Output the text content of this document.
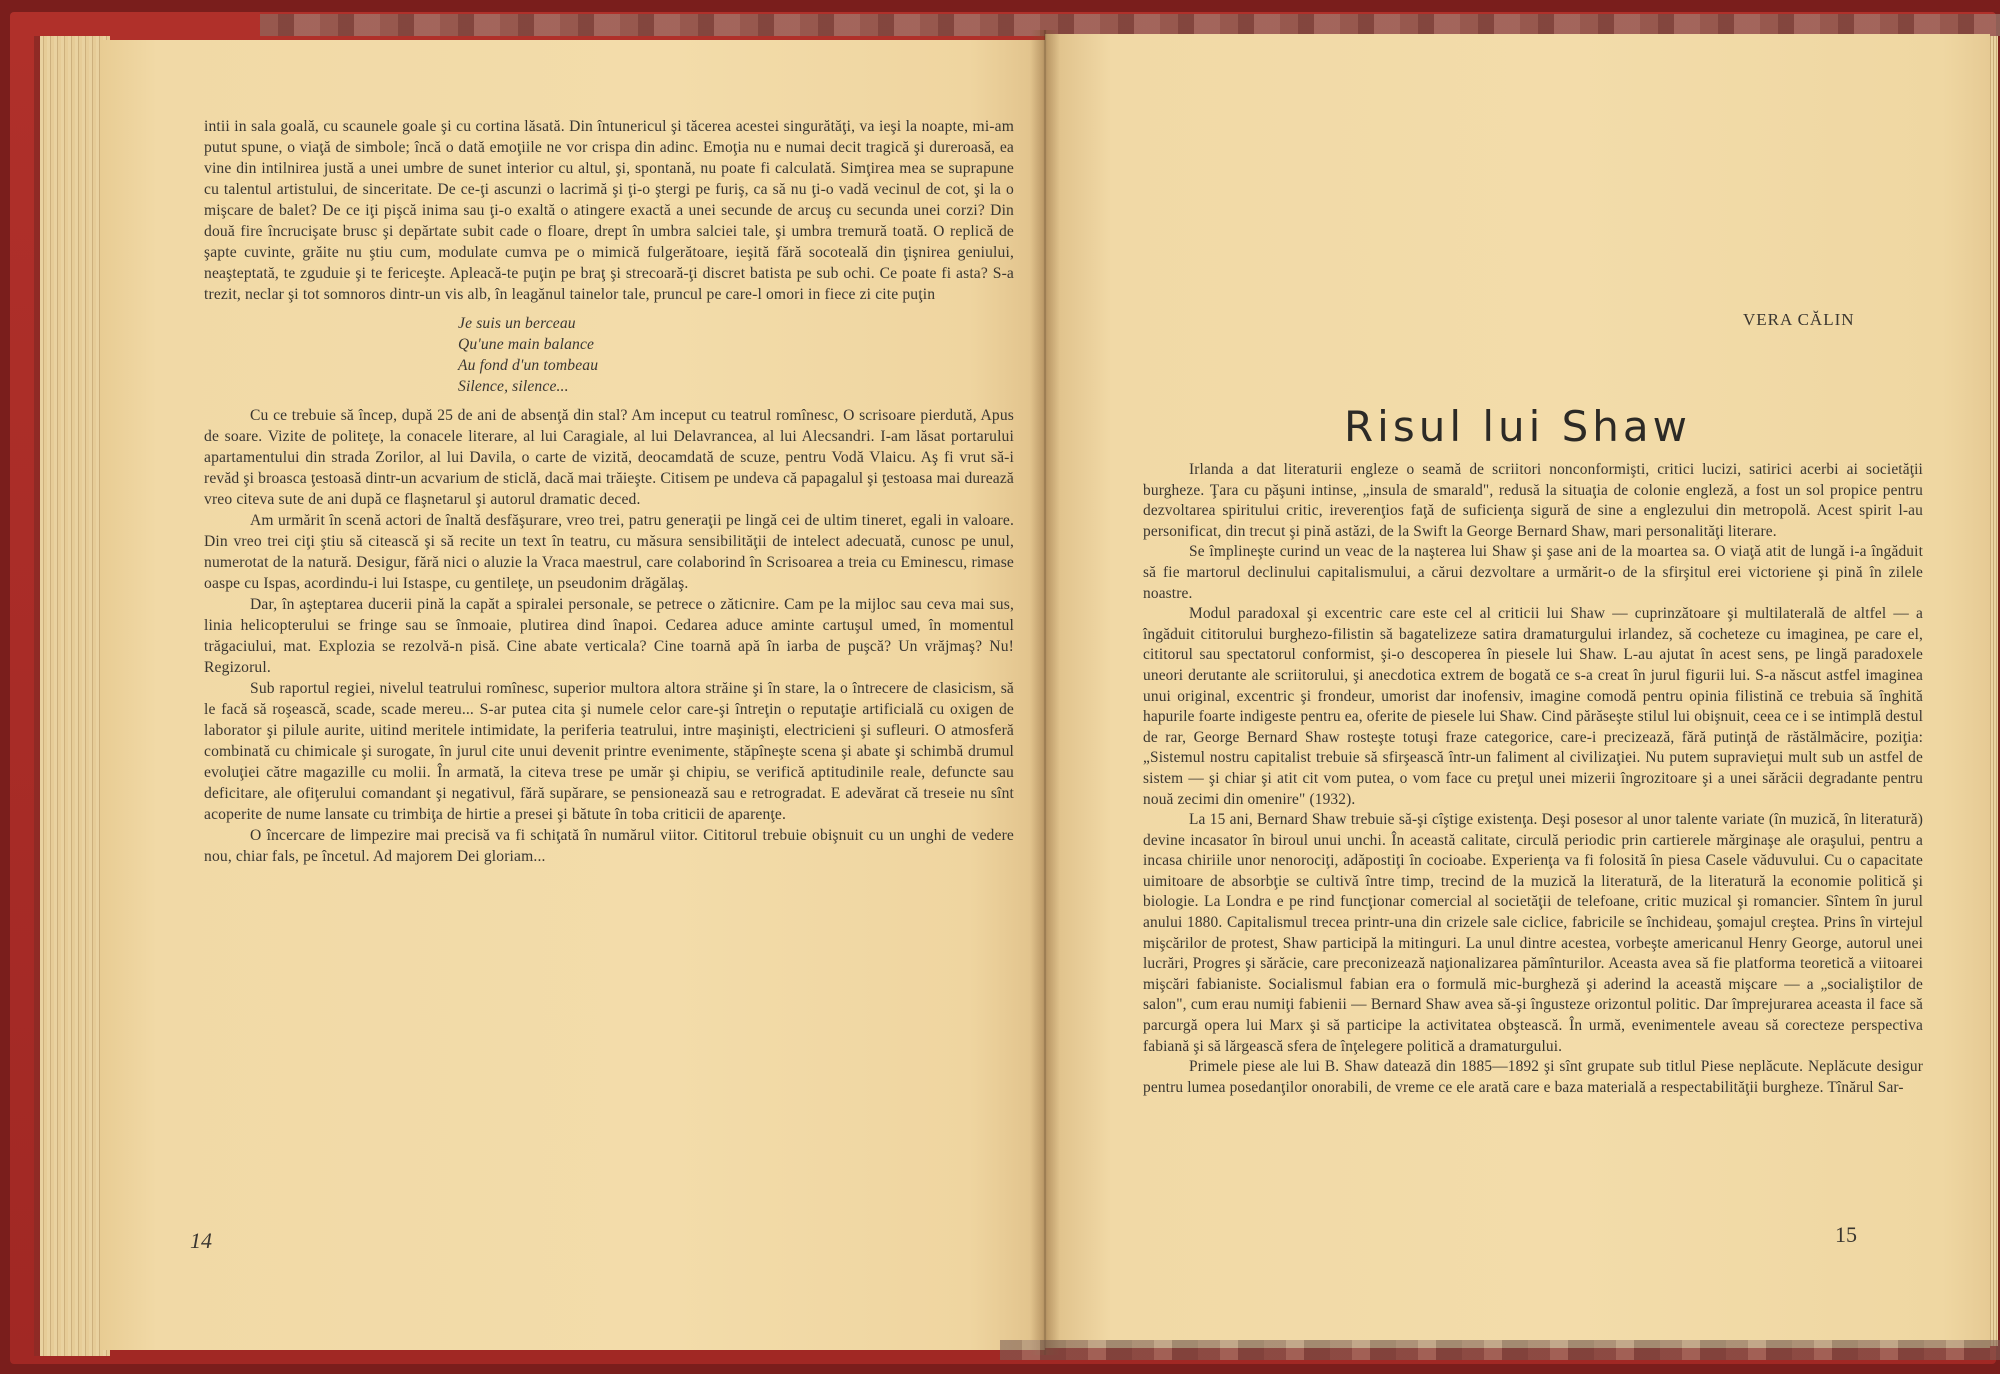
intii in sala goală, cu scaunele goale şi cu cortina lăsată. Din întunericul şi tăcerea acestei singurătăţi, va ieşi la noapte, mi-am putut spune, o viaţă de simbole; încă o dată emoţiile ne vor crispa din adinc. Emoţia nu e numai decit tragică şi dureroasă, ea vine din intilnirea justă a unei umbre de sunet interior cu altul, şi, spontană, nu poate fi calculată. Simţirea mea se suprapune cu talentul artistului, de sinceritate. De ce-ţi ascunzi o lacrimă şi ţi-o ştergi pe furiş, ca să nu ţi-o vadă vecinul de cot, şi la o mişcare de balet? De ce iţi pişcă inima sau ţi-o exaltă o atingere exactă a unei secunde de arcuş cu secunda unei corzi? Din două fire încrucişate brusc şi depărtate subit cade o floare, drept în umbra salciei tale, şi umbra tremură toată. O replică de şapte cuvinte, grăite nu ştiu cum, modulate cumva pe o mimică fulgerătoare, ieşită fără socoteală din ţişnirea geniului, neaşteptată, te zguduie şi te fericeşte. Apleacă-te puţin pe braţ şi strecoară-ţi discret batista pe sub ochi. Ce poate fi asta? S-a trezit, neclar şi tot somnoros dintr-un vis alb, în leagănul tainelor tale, pruncul pe care-l omori in fiece zi cite puţin

Je suis un berceau
Qu'une main balance
Au fond d'un tombeau
Silence, silence...

Cu ce trebuie să încep, după 25 de ani de absenţă din stal? Am inceput cu teatrul romînesc, O scrisoare pierdută, Apus de soare. Vizite de politeţe, la conacele literare, al lui Caragiale, al lui Delavrancea, al lui Alecsandri. I-am lăsat portarului apartamentului din strada Zorilor, al lui Davila, o carte de vizită, deocamdată de scuze, pentru Vodă Vlaicu. Aş fi vrut să-i revăd şi broasca ţestoasă dintr-un acvarium de sticlă, dacă mai trăieşte. Citisem pe undeva că papagalul şi ţestoasa mai durează vreo citeva sute de ani după ce flaşnetarul şi autorul dramatic deced.

Am urmărit în scenă actori de înaltă desfăşurare, vreo trei, patru generaţii pe lingă cei de ultim tineret, egali in valoare. Din vreo trei ciţi ştiu să citească şi să recite un text în teatru, cu măsura sensibilităţii de intelect adecuată, cunosc pe unul, numerotat de la natură. Desigur, fără nici o aluzie la Vraca maestrul, care colaborind în Scrisoarea a treia cu Eminescu, rimase oaspe cu Ispas, acordindu-i lui Istaspe, cu gentileţe, un pseudonim drăgălaş.

Dar, în aşteptarea ducerii pină la capăt a spiralei personale, se petrece o zăticnire. Cam pe la mijloc sau ceva mai sus, linia helicopterului se fringe sau se înmoaie, plutirea dind înapoi. Cedarea aduce aminte cartuşul umed, în momentul trăgaciului, mat. Explozia se rezolvă-n pisă. Cine abate verticala? Cine toarnă apă în iarba de puşcă? Un vrăjmaş? Nu! Regizorul.

Sub raportul regiei, nivelul teatrului romînesc, superior multora altora străine şi în stare, la o întrecere de clasicism, să le facă să roşească, scade, scade mereu... S-ar putea cita şi numele celor care-şi întreţin o reputaţie artificială cu oxigen de laborator şi pilule aurite, uitind meritele intimidate, la periferia teatrului, intre maşinişti, electricieni şi sufleuri. O atmosferă combinată cu chimicale şi surogate, în jurul cite unui devenit printre evenimente, stăpîneşte scena şi abate şi schimbă drumul evoluţiei către magazille cu molii. În armată, la citeva trese pe umăr şi chipiu, se verifică aptitudinile reale, defuncte sau deficitare, ale ofiţerului comandant şi negativul, fără supărare, se pensionează sau e retrogradat. E adevărat că treseie nu sînt acoperite de nume lansate cu trimbiţa de hirtie a presei şi bătute în toba criticii de aparenţe.

O încercare de limpezire mai precisă va fi schiţată în numărul viitor. Cititorul trebuie obişnuit cu un unghi de vedere nou, chiar fals, pe încetul. Ad majorem Dei gloriam...

14
VERA CĂLIN
Risul lui Shaw

Irlanda a dat literaturii engleze o seamă de scriitori nonconformişti, critici lucizi, satirici acerbi ai societăţii burgheze. Ţara cu păşuni intinse, „insula de smarald", redusă la situaţia de colonie engleză, a fost un sol propice pentru dezvoltarea spiritului critic, ireverenţios faţă de suficienţa sigură de sine a englezului din metropolă. Acest spirit l-au personificat, din trecut şi pină astăzi, de la Swift la George Bernard Shaw, mari personalităţi literare.

Se împlineşte curind un veac de la naşterea lui Shaw şi şase ani de la moartea sa. O viaţă atit de lungă i-a îngăduit să fie martorul declinului capitalismului, a cărui dezvoltare a urmărit-o de la sfirşitul erei victoriene şi pină în zilele noastre.

Modul paradoxal şi excentric care este cel al criticii lui Shaw — cuprinzătoare şi multilaterală de altfel — a îngăduit cititorului burghezo-filistin să bagatelizeze satira dramaturgului irlandez, să cocheteze cu imaginea, pe care el, cititorul sau spectatorul conformist, şi-o descoperea în piesele lui Shaw. L-au ajutat în acest sens, pe lingă paradoxele uneori derutante ale scriitorului, şi anecdotica extrem de bogată ce s-a creat în jurul figurii lui. S-a născut astfel imaginea unui original, excentric şi frondeur, umorist dar inofensiv, imagine comodă pentru opinia filistină ce trebuia să înghită hapurile foarte indigeste pentru ea, oferite de piesele lui Shaw. Cind părăseşte stilul lui obişnuit, ceea ce i se intimplă destul de rar, George Bernard Shaw rosteşte totuşi fraze categorice, care-i precizează, fără putinţă de răstălmăcire, poziţia: „Sistemul nostru capitalist trebuie să sfirşească într-un faliment al civilizaţiei. Nu putem supravieţui mult sub un astfel de sistem — şi chiar şi atit cit vom putea, o vom face cu preţul unei mizerii îngrozitoare şi a unei sărăcii degradante pentru nouă zecimi din omenire" (1932).

La 15 ani, Bernard Shaw trebuie să-şi cîştige existenţa. Deşi posesor al unor talente variate (în muzică, în literatură) devine incasator în biroul unui unchi. În această calitate, circulă periodic prin cartierele mărginaşe ale oraşului, pentru a incasa chiriile unor nenorociţi, adăpostiţi în cocioabe. Experienţa va fi folosită în piesa Casele văduvului. Cu o capacitate uimitoare de absorbţie se cultivă între timp, trecind de la muzică la literatură, de la literatură la economie politică şi biologie. La Londra e pe rind funcţionar comercial al societăţii de telefoane, critic muzical şi romancier. Sîntem în jurul anului 1880. Capitalismul trecea printr-una din crizele sale ciclice, fabricile se închideau, şomajul creştea. Prins în virtejul mişcărilor de protest, Shaw participă la mitinguri. La unul dintre acestea, vorbeşte americanul Henry George, autorul unei lucrări, Progres şi sărăcie, care preconizează naţionalizarea pămînturilor. Aceasta avea să fie platforma teoretică a viitoarei mişcări fabianiste. Socialismul fabian era o formulă mic-burgheză şi aderind la această mişcare — a „socialiştilor de salon", cum erau numiţi fabienii — Bernard Shaw avea să-şi îngusteze orizontul politic. Dar împrejurarea aceasta il face să parcurgă opera lui Marx şi să participe la activitatea obştească. În urmă, evenimentele aveau să corecteze perspectiva fabiană şi să lărgească sfera de înţelegere politică a dramaturgului.

Primele piese ale lui B. Shaw datează din 1885—1892 şi sînt grupate sub titlul Piese neplăcute. Neplăcute desigur pentru lumea posedanţilor onorabili, de vreme ce ele arată care e baza materială a respectabilităţii burgheze. Tînărul Sar-

15
